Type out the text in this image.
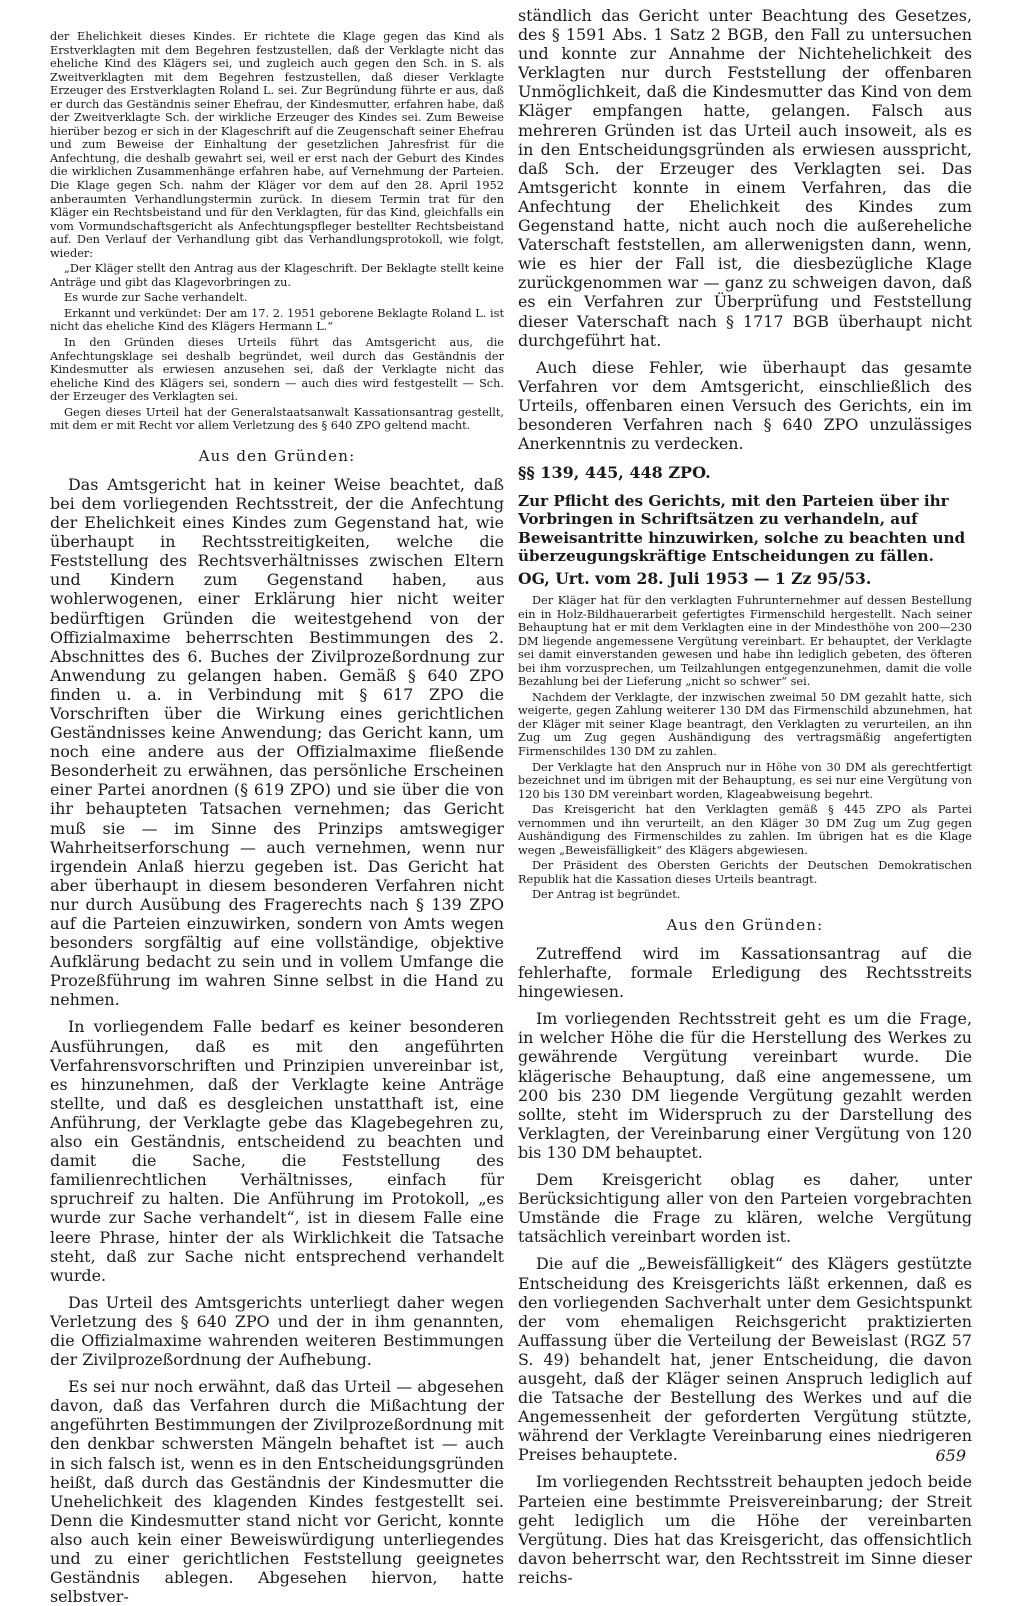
der Ehelichkeit dieses Kindes. Er richtete die Klage gegen das Kind als Erstverklagten mit dem Begehren festzustellen, daß der Verklagte nicht das eheliche Kind des Klägers sei, und zugleich auch gegen den Sch. in S. als Zweitverklagten mit dem Begehren festzustellen, daß dieser Verklagte Erzeuger des Erstverklagten Roland L. sei. Zur Begründung führte er aus, daß er durch das Geständnis seiner Ehefrau, der Kindesmutter, erfahren habe, daß der Zweitverklagte Sch. der wirkliche Erzeuger des Kindes sei. Zum Beweise hierüber bezog er sich in der Klageschrift auf die Zeugenschaft seiner Ehefrau und zum Beweise der Einhaltung der gesetzlichen Jahresfrist für die Anfechtung, die deshalb gewahrt sei, weil er erst nach der Geburt des Kindes die wirklichen Zusammenhänge erfahren habe, auf Vernehmung der Parteien. Die Klage gegen Sch. nahm der Kläger vor dem auf den 28. April 1952 anberaumten Verhandlungstermin zurück. In diesem Termin trat für den Kläger ein Rechtsbeistand und für den Verklagten, für das Kind, gleichfalls ein vom Vormundschaftsgericht als Anfechtungspfleger bestellter Rechtsbeistand auf. Den Verlauf der Verhandlung gibt das Verhandlungsprotokoll, wie folgt, wieder:

„Der Kläger stellt den Antrag aus der Klageschrift. Der Beklagte stellt keine Anträge und gibt das Klagevorbringen zu.

Es wurde zur Sache verhandelt.

Erkannt und verkündet: Der am 17. 2. 1951 geborene Beklagte Roland L. ist nicht das eheliche Kind des Klägers Hermann L.“

In den Gründen dieses Urteils führt das Amtsgericht aus, die Anfechtungsklage sei deshalb begründet, weil durch das Geständnis der Kindesmutter als erwiesen anzusehen sei, daß der Verklagte nicht das eheliche Kind des Klägers sei, sondern — auch dies wird festgestellt — Sch. der Erzeuger des Verklagten sei.

Gegen dieses Urteil hat der Generalstaatsanwalt Kassationsantrag gestellt, mit dem er mit Recht vor allem Verletzung des § 640 ZPO geltend macht.

Aus den Gründen:

Das Amtsgericht hat in keiner Weise beachtet, daß bei dem vorliegenden Rechtsstreit, der die Anfechtung der Ehelichkeit eines Kindes zum Gegenstand hat, wie überhaupt in Rechtsstreitigkeiten, welche die Feststellung des Rechtsverhältnisses zwischen Eltern und Kindern zum Gegenstand haben, aus wohlerwogenen, einer Erklärung hier nicht weiter bedürftigen Gründen die weitestgehend von der Offizialmaxime beherrschten Bestimmungen des 2. Abschnittes des 6. Buches der Zivilprozeßordnung zur Anwendung zu gelangen haben. Gemäß § 640 ZPO finden u. a. in Verbindung mit § 617 ZPO die Vorschriften über die Wirkung eines gerichtlichen Geständnisses keine Anwendung; das Gericht kann, um noch eine andere aus der Offizialmaxime fließende Besonderheit zu erwähnen, das persönliche Erscheinen einer Partei anordnen (§ 619 ZPO) und sie über die von ihr behaupteten Tatsachen vernehmen; das Gericht muß sie — im Sinne des Prinzips amtswegiger Wahrheitserforschung — auch vernehmen, wenn nur irgendein Anlaß hierzu gegeben ist. Das Gericht hat aber überhaupt in diesem besonderen Verfahren nicht nur durch Ausübung des Fragerechts nach § 139 ZPO auf die Parteien einzuwirken, sondern von Amts wegen besonders sorgfältig auf eine vollständige, objektive Aufklärung bedacht zu sein und in vollem Umfange die Prozeßführung im wahren Sinne selbst in die Hand zu nehmen.

In vorliegendem Falle bedarf es keiner besonderen Ausführungen, daß es mit den angeführten Verfahrensvorschriften und Prinzipien unvereinbar ist, es hinzunehmen, daß der Verklagte keine Anträge stellte, und daß es desgleichen unstatthaft ist, eine Anführung, der Verklagte gebe das Klagebegehren zu, also ein Geständnis, entscheidend zu beachten und damit die Sache, die Feststellung des familienrechtlichen Verhältnisses, einfach für spruchreif zu halten. Die Anführung im Protokoll, „es wurde zur Sache verhandelt“, ist in diesem Falle eine leere Phrase, hinter der als Wirklichkeit die Tatsache steht, daß zur Sache nicht entsprechend verhandelt wurde.

Das Urteil des Amtsgerichts unterliegt daher wegen Verletzung des § 640 ZPO und der in ihm genannten, die Offizialmaxime wahrenden weiteren Bestimmungen der Zivilprozeßordnung der Aufhebung.

Es sei nur noch erwähnt, daß das Urteil — abgesehen davon, daß das Verfahren durch die Mißachtung der angeführten Bestimmungen der Zivilprozeßordnung mit den denkbar schwersten Mängeln behaftet ist — auch in sich falsch ist, wenn es in den Entscheidungsgründen heißt, daß durch das Geständnis der Kindesmutter die Unehelichkeit des klagenden Kindes festgestellt sei. Denn die Kindesmutter stand nicht vor Gericht, konnte also auch kein einer Beweiswürdigung unterliegendes und zu einer gerichtlichen Feststellung geeignetes Geständnis ablegen. Abgesehen hiervon, hatte selbstver-

ständlich das Gericht unter Beachtung des Gesetzes, des § 1591 Abs. 1 Satz 2 BGB, den Fall zu untersuchen und konnte zur Annahme der Nichtehelichkeit des Verklagten nur durch Feststellung der offenbaren Unmöglichkeit, daß die Kindesmutter das Kind von dem Kläger empfangen hatte, gelangen. Falsch aus mehreren Gründen ist das Urteil auch insoweit, als es in den Entscheidungsgründen als erwiesen ausspricht, daß Sch. der Erzeuger des Verklagten sei. Das Amtsgericht konnte in einem Verfahren, das die Anfechtung der Ehelichkeit des Kindes zum Gegenstand hatte, nicht auch noch die außereheliche Vaterschaft feststellen, am allerwenigsten dann, wenn, wie es hier der Fall ist, die diesbezügliche Klage zurückgenommen war — ganz zu schweigen davon, daß es ein Verfahren zur Überprüfung und Feststellung dieser Vaterschaft nach § 1717 BGB überhaupt nicht durchgeführt hat.

Auch diese Fehler, wie überhaupt das gesamte Verfahren vor dem Amtsgericht, einschließlich des Urteils, offenbaren einen Versuch des Gerichts, ein im besonderen Verfahren nach § 640 ZPO unzulässiges Anerkenntnis zu verdecken.

§§ 139, 445, 448 ZPO.
Zur Pflicht des Gerichts, mit den Parteien über ihr Vorbringen in Schriftsätzen zu verhandeln, auf Beweisantritte hinzuwirken, solche zu beachten und überzeugungskräftige Entscheidungen zu fällen.
OG, Urt. vom 28. Juli 1953 — 1 Zz 95/53.

Der Kläger hat für den verklagten Fuhrunternehmer auf dessen Bestellung ein in Holz-Bildhauerarbeit gefertigtes Firmenschild hergestellt. Nach seiner Behauptung hat er mit dem Verklagten eine in der Mindesthöhe von 200—230 DM liegende angemessene Vergütung vereinbart. Er behauptet, der Verklagte sei damit einverstanden gewesen und habe ihn lediglich gebeten, des öfteren bei ihm vorzusprechen, um Teilzahlungen entgegenzunehmen, damit die volle Bezahlung bei der Lieferung „nicht so schwer“ sei.

Nachdem der Verklagte, der inzwischen zweimal 50 DM gezahlt hatte, sich weigerte, gegen Zahlung weiterer 130 DM das Firmenschild abzunehmen, hat der Kläger mit seiner Klage beantragt, den Verklagten zu verurteilen, an ihn Zug um Zug gegen Aushändigung des vertragsmäßig angefertigten Firmenschildes 130 DM zu zahlen.

Der Verklagte hat den Anspruch nur in Höhe von 30 DM als gerechtfertigt bezeichnet und im übrigen mit der Behauptung, es sei nur eine Vergütung von 120 bis 130 DM vereinbart worden, Klageabweisung begehrt.

Das Kreisgericht hat den Verklagten gemäß § 445 ZPO als Partei vernommen und ihn verurteilt, an den Kläger 30 DM Zug um Zug gegen Aushändigung des Firmenschildes zu zahlen. Im übrigen hat es die Klage wegen „Beweisfälligkeit“ des Klägers abgewiesen.

Der Präsident des Obersten Gerichts der Deutschen Demokratischen Republik hat die Kassation dieses Urteils beantragt.

Der Antrag ist begründet.

Aus den Gründen:

Zutreffend wird im Kassationsantrag auf die fehlerhafte, formale Erledigung des Rechtsstreits hingewiesen.

Im vorliegenden Rechtsstreit geht es um die Frage, in welcher Höhe die für die Herstellung des Werkes zu gewährende Vergütung vereinbart wurde. Die klägerische Behauptung, daß eine angemessene, um 200 bis 230 DM liegende Vergütung gezahlt werden sollte, steht im Widerspruch zu der Darstellung des Verklagten, der Vereinbarung einer Vergütung von 120 bis 130 DM behauptet.

Dem Kreisgericht oblag es daher, unter Berücksichtigung aller von den Parteien vorgebrachten Umstände die Frage zu klären, welche Vergütung tatsächlich vereinbart worden ist.

Die auf die „Beweisfälligkeit“ des Klägers gestützte Entscheidung des Kreisgerichts läßt erkennen, daß es den vorliegenden Sachverhalt unter dem Gesichtspunkt der vom ehemaligen Reichsgericht praktizierten Auffassung über die Verteilung der Beweislast (RGZ 57 S. 49) behandelt hat, jener Entscheidung, die davon ausgeht, daß der Kläger seinen Anspruch lediglich auf die Tatsache der Bestellung des Werkes und auf die Angemessenheit der geforderten Vergütung stützte, während der Verklagte Vereinbarung eines niedrigeren Preises behauptete.

Im vorliegenden Rechtsstreit behaupten jedoch beide Parteien eine bestimmte Preisvereinbarung; der Streit geht lediglich um die Höhe der vereinbarten Vergütung. Dies hat das Kreisgericht, das offensichtlich davon beherrscht war, den Rechtsstreit im Sinne dieser reichs-

659
